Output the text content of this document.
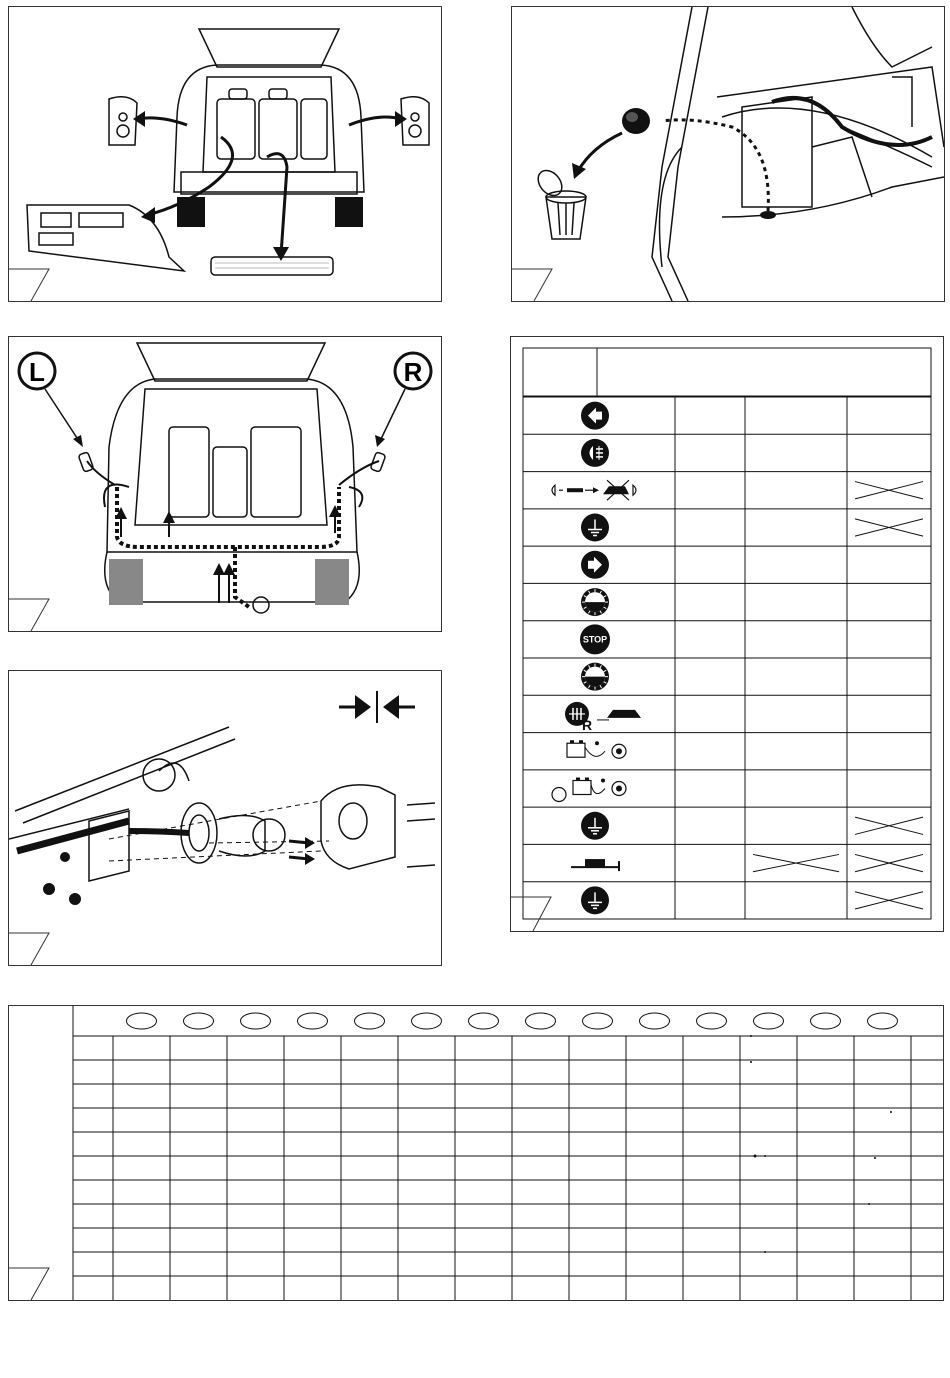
L	R
STOP
R
